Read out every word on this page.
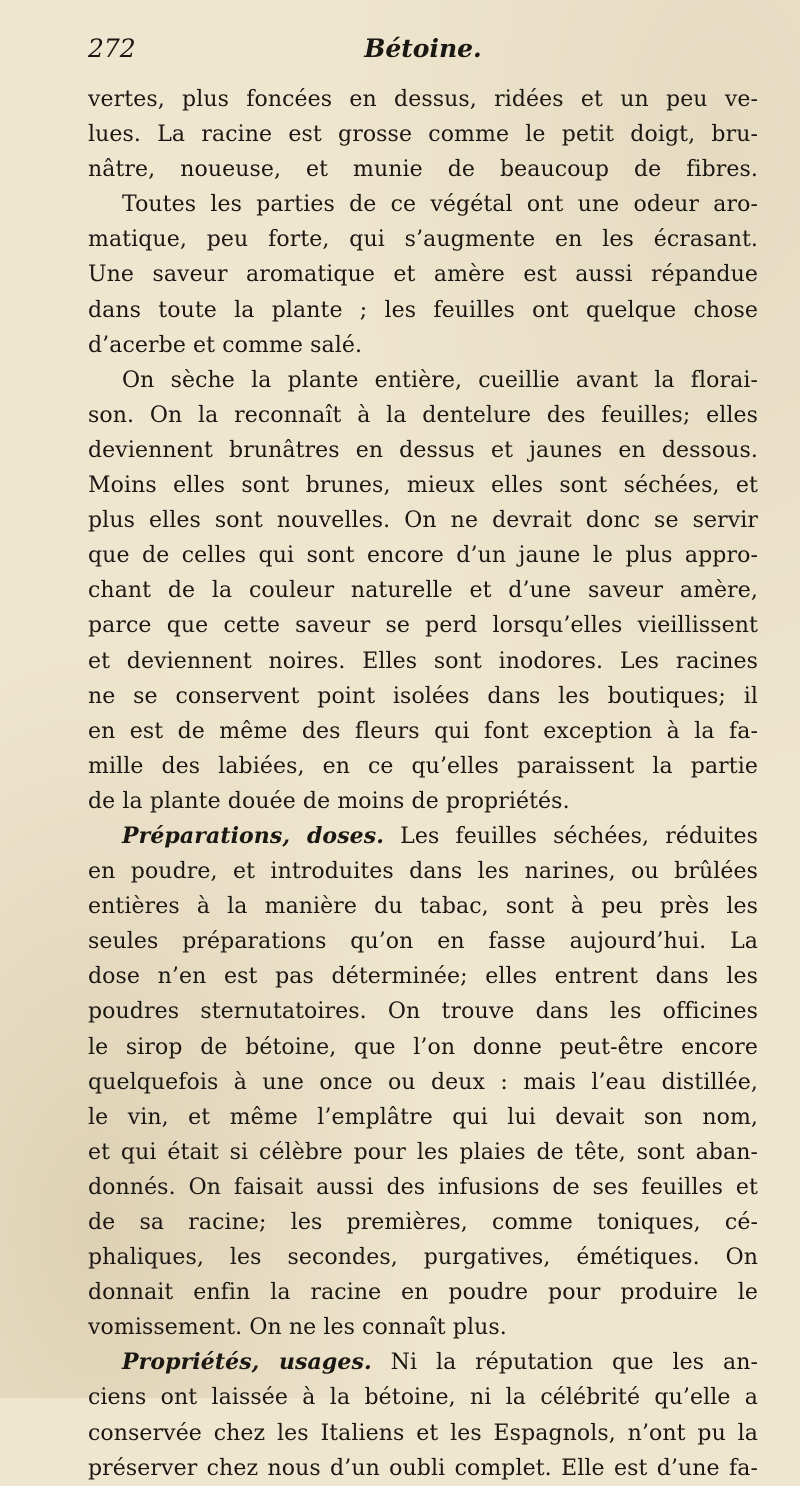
272	Bétoine.
vertes, plus foncées en dessus, ridées et un peu ve-
lues. La racine est grosse comme le petit doigt, bru-
nâtre, noueuse, et munie de beaucoup de fibres.
Toutes les parties de ce végétal ont une odeur aro-
matique, peu forte, qui s’augmente en les écrasant.
Une saveur aromatique et amère est aussi répandue
dans toute la plante ; les feuilles ont quelque chose
d’acerbe et comme salé.
On sèche la plante entière, cueillie avant la florai-
son. On la reconnaît à la dentelure des feuilles; elles
deviennent brunâtres en dessus et jaunes en dessous.
Moins elles sont brunes, mieux elles sont séchées, et
plus elles sont nouvelles. On ne devrait donc se servir
que de celles qui sont encore d’un jaune le plus appro-
chant de la couleur naturelle et d’une saveur amère,
parce que cette saveur se perd lorsqu’elles vieillissent
et deviennent noires. Elles sont inodores. Les racines
ne se conservent point isolées dans les boutiques; il
en est de même des fleurs qui font exception à la fa-
mille des labiées, en ce qu’elles paraissent la partie
de la plante douée de moins de propriétés.
Préparations, doses. Les feuilles séchées, réduites
en poudre, et introduites dans les narines, ou brûlées
entières à la manière du tabac, sont à peu près les
seules préparations qu’on en fasse aujourd’hui. La
dose n’en est pas déterminée; elles entrent dans les
poudres sternutatoires. On trouve dans les officines
le sirop de bétoine, que l’on donne peut-être encore
quelquefois à une once ou deux : mais l’eau distillée,
le vin, et même l’emplâtre qui lui devait son nom,
et qui était si célèbre pour les plaies de tête, sont aban-
donnés. On faisait aussi des infusions de ses feuilles et
de sa racine; les premières, comme toniques, cé-
phaliques, les secondes, purgatives, émétiques. On
donnait enfin la racine en poudre pour produire le
vomissement. On ne les connaît plus.
Propriétés, usages. Ni la réputation que les an-
ciens ont laissée à la bétoine, ni la célébrité qu’elle a
conservée chez les Italiens et les Espagnols, n’ont pu la
préserver chez nous d’un oubli complet. Elle est d’une fa-
